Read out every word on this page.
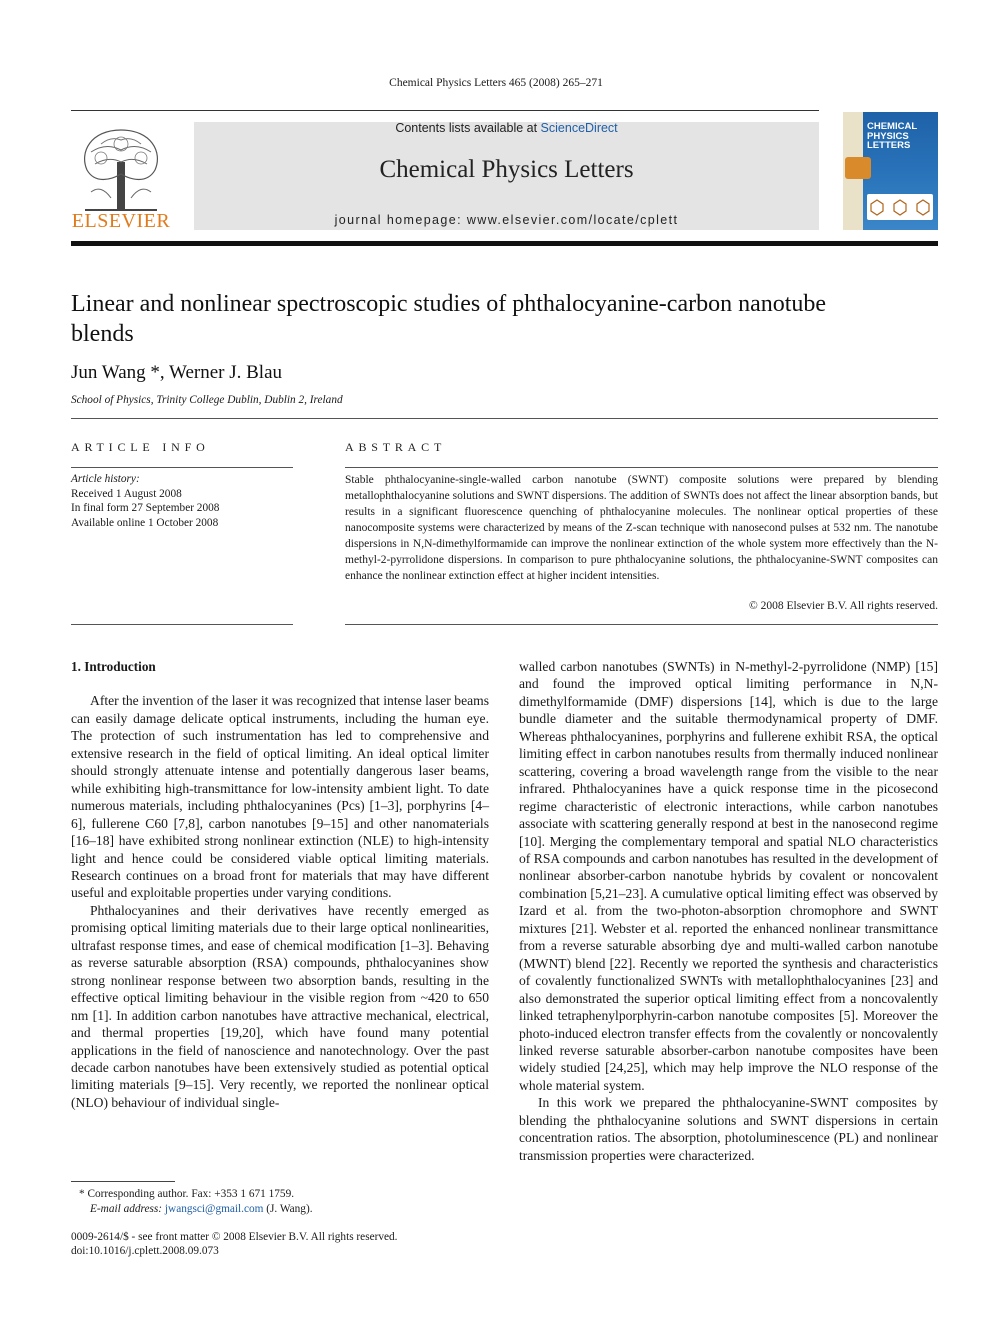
Chemical Physics Letters 465 (2008) 265–271
ELSEVIER
Contents lists available at ScienceDirect
Chemical Physics Letters
journal homepage: www.elsevier.com/locate/cplett
CHEMICAL
PHYSICS
LETTERS
Linear and nonlinear spectroscopic studies of phthalocyanine-carbon nanotube blends
Jun Wang *, Werner J. Blau
School of Physics, Trinity College Dublin, Dublin 2, Ireland
ARTICLE INFO
Article history:
Received 1 August 2008
In final form 27 September 2008
Available online 1 October 2008
ABSTRACT
Stable phthalocyanine-single-walled carbon nanotube (SWNT) composite solutions were prepared by blending metallophthalocyanine solutions and SWNT dispersions. The addition of SWNTs does not affect the linear absorption bands, but results in a significant fluorescence quenching of phthalocyanine molecules. The nonlinear optical properties of these nanocomposite systems were characterized by means of the Z-scan technique with nanosecond pulses at 532 nm. The nanotube dispersions in N,N-dimethylformamide can improve the nonlinear extinction of the whole system more effectively than the N-methyl-2-pyrrolidone dispersions. In comparison to pure phthalocyanine solutions, the phthalocyanine-SWNT composites can enhance the nonlinear extinction effect at higher incident intensities.
© 2008 Elsevier B.V. All rights reserved.

1. Introduction

After the invention of the laser it was recognized that intense laser beams can easily damage delicate optical instruments, including the human eye. The protection of such instrumentation has led to comprehensive and extensive research in the field of optical limiting. An ideal optical limiter should strongly attenuate intense and potentially dangerous laser beams, while exhibiting high-transmittance for low-intensity ambient light. To date numerous materials, including phthalocyanines (Pcs) [1–3], porphyrins [4–6], fullerene C60 [7,8], carbon nanotubes [9–15] and other nanomaterials [16–18] have exhibited strong nonlinear extinction (NLE) to high-intensity light and hence could be considered viable optical limiting materials. Research continues on a broad front for materials that may have different useful and exploitable properties under varying conditions.

Phthalocyanines and their derivatives have recently emerged as promising optical limiting materials due to their large optical nonlinearities, ultrafast response times, and ease of chemical modification [1–3]. Behaving as reverse saturable absorption (RSA) compounds, phthalocyanines show strong nonlinear response between two absorption bands, resulting in the effective optical limiting behaviour in the visible region from ~420 to 650 nm [1]. In addition carbon nanotubes have attractive mechanical, electrical, and thermal properties [19,20], which have found many potential applications in the field of nanoscience and nanotechnology. Over the past decade carbon nanotubes have been extensively studied as potential optical limiting materials [9–15]. Very recently, we reported the nonlinear optical (NLO) behaviour of individual single-

walled carbon nanotubes (SWNTs) in N-methyl-2-pyrrolidone (NMP) [15] and found the improved optical limiting performance in N,N-dimethylformamide (DMF) dispersions [14], which is due to the large bundle diameter and the suitable thermodynamical property of DMF. Whereas phthalocyanines, porphyrins and fullerene exhibit RSA, the optical limiting effect in carbon nanotubes results from thermally induced nonlinear scattering, covering a broad wavelength range from the visible to the near infrared. Phthalocyanines have a quick response time in the picosecond regime characteristic of electronic interactions, while carbon nanotubes associate with scattering generally respond at best in the nanosecond regime [10]. Merging the complementary temporal and spatial NLO characteristics of RSA compounds and carbon nanotubes has resulted in the development of nonlinear absorber-carbon nanotube hybrids by covalent or noncovalent combination [5,21–23]. A cumulative optical limiting effect was observed by Izard et al. from the two-photon-absorption chromophore and SWNT mixtures [21]. Webster et al. reported the enhanced nonlinear transmittance from a reverse saturable absorbing dye and multi-walled carbon nanotube (MWNT) blend [22]. Recently we reported the synthesis and characteristics of covalently functionalized SWNTs with metallophthalocyanines [23] and also demonstrated the superior optical limiting effect from a noncovalently linked tetraphenylporphyrin-carbon nanotube composites [5]. Moreover the photo-induced electron transfer effects from the covalently or noncovalently linked reverse saturable absorber-carbon nanotube composites have been widely studied [24,25], which may help improve the NLO response of the whole material system.

In this work we prepared the phthalocyanine-SWNT composites by blending the phthalocyanine solutions and SWNT dispersions in certain concentration ratios. The absorption, photoluminescence (PL) and nonlinear transmission properties were characterized.

* Corresponding author. Fax: +353 1 671 1759.
E-mail address: jwangsci@gmail.com (J. Wang).
0009-2614/$ - see front matter © 2008 Elsevier B.V. All rights reserved.
doi:10.1016/j.cplett.2008.09.073
